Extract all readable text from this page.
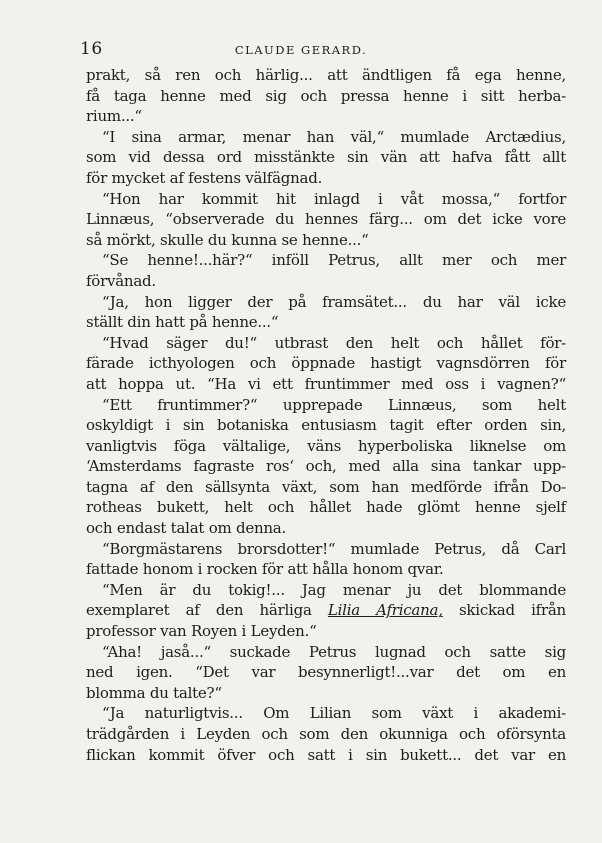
CLAUDE GERARD.
16
prakt, så ren och härlig... att ändtligen få ega henne,
få taga henne med sig och pressa henne i sitt herba-
rium...“
“I sina armar, menar han väl,“ mumlade Arctædius,
som vid dessa ord misstänkte sin vän att hafva fått allt
för mycket af festens välfägnad.
“Hon har kommit hit inlagd i våt mossa,“ fortfor
Linnæus, “observerade du hennes färg... om det icke vore
så mörkt, skulle du kunna se henne...“
“Se henne!...här?“ inföll Petrus, allt mer och mer
förvånad.
“Ja, hon ligger der på framsätet... du har väl icke
ställt din hatt på henne...“
“Hvad säger du!“ utbrast den helt och hållet för-
färade icthyologen och öppnade hastigt vagnsdörren för
att hoppa ut. “Ha vi ett fruntimmer med oss i vagnen?“
“Ett fruntimmer?“ upprepade Linnæus, som helt
oskyldigt i sin botaniska entusiasm tagit efter orden sin,
vanligtvis föga vältalige, väns hyperboliska liknelse om
‘Amsterdams fagraste ros‘ och, med alla sina tankar upp-
tagna af den sällsynta växt, som han medförde ifrån Do-
rotheas bukett, helt och hållet hade glömt henne sjelf
och endast talat om denna.
“Borgmästarens brorsdotter!“ mumlade Petrus, då Carl
fattade honom i rocken för att hålla honom qvar.
“Men är du tokig!... Jag menar ju det blommande
exemplaret af den härliga Lilia Africana, skickad ifrån
professor van Royen i Leyden.“
“Aha! jaså...“ suckade Petrus lugnad och satte sig
ned igen. “Det var besynnerligt!...var det om en
blomma du talte?“
“Ja naturligtvis... Om Lilian som växt i akademi-
trädgården i Leyden och som den okunniga och oförsynta
flickan kommit öfver och satt i sin bukett... det var en
